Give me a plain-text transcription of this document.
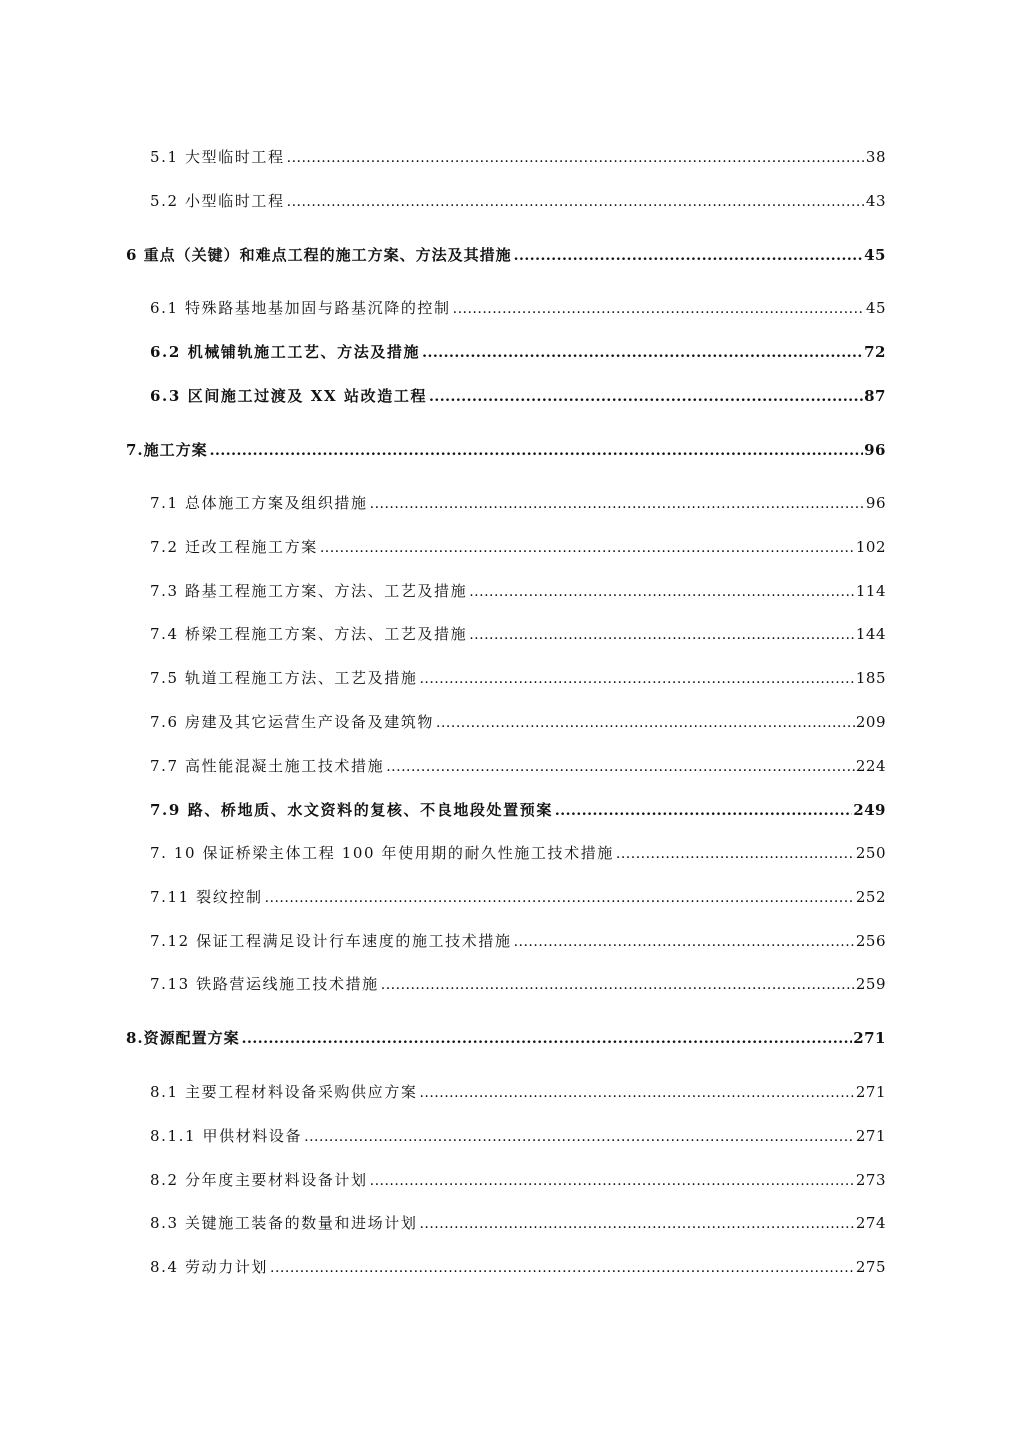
5.1 大型临时工程 .....	38
5.2 小型临时工程 .....	43
6 重点（关键）和难点工程的施工方案、方法及其措施 .....	45
6.1 特殊路基地基加固与路基沉降的控制 .....	45
6.2 机械铺轨施工工艺、方法及措施 .....	72
6.3 区间施工过渡及 XX 站改造工程 .....	87
7.施工方案 .....	96
7.1 总体施工方案及组织措施 .....	96
7.2 迁改工程施工方案 .....	102
7.3 路基工程施工方案、方法、工艺及措施 .....	114
7.4 桥梁工程施工方案、方法、工艺及措施 .....	144
7.5 轨道工程施工方法、工艺及措施 .....	185
7.6 房建及其它运营生产设备及建筑物 .....	209
7.7 高性能混凝土施工技术措施 .....	224
7.9 路、桥地质、水文资料的复核、不良地段处置预案 .....	249
7. 10 保证桥梁主体工程 100 年使用期的耐久性施工技术措施 .....	250
7.11 裂纹控制 .....	252
7.12 保证工程满足设计行车速度的施工技术措施 .....	256
7.13 铁路营运线施工技术措施 .....	259
8.资源配置方案 .....	271
8.1 主要工程材料设备采购供应方案 .....	271
8.1.1 甲供材料设备 .....	271
8.2 分年度主要材料设备计划 .....	273
8.3 关键施工装备的数量和进场计划 .....	274
8.4 劳动力计划 .....	275
